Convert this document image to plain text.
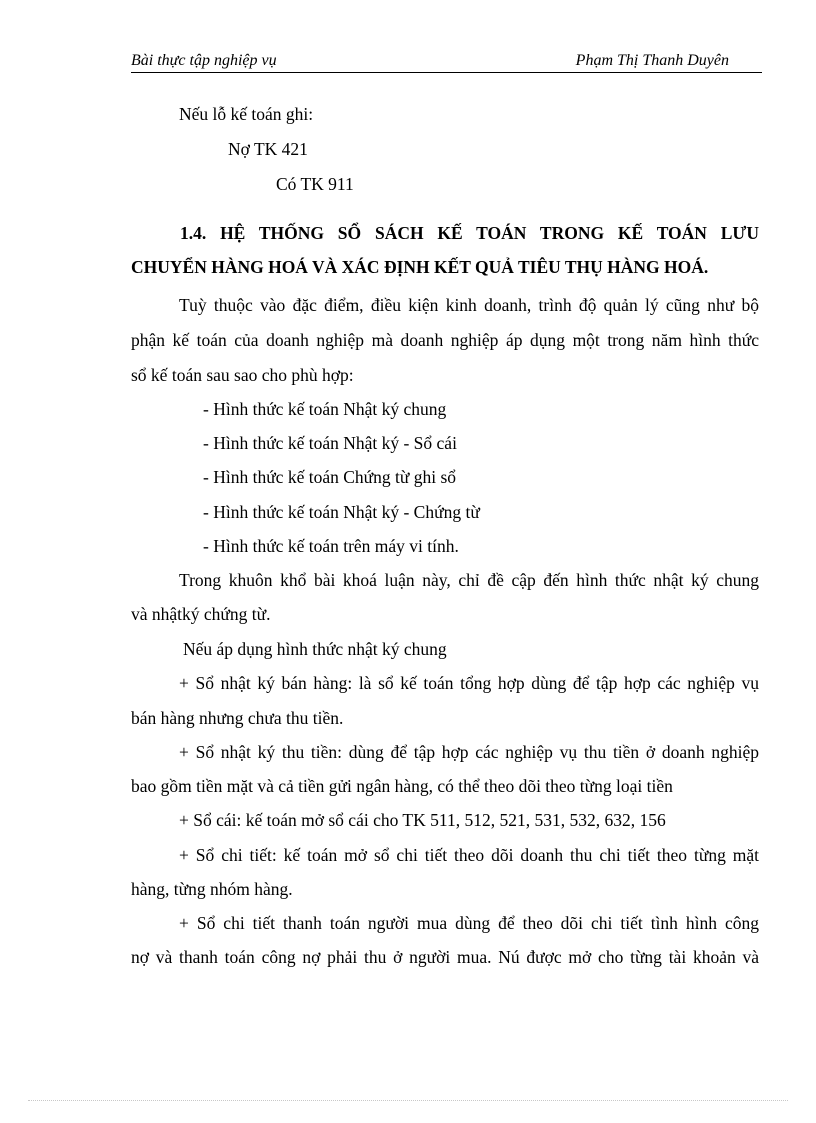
Bài thực tập nghiệp vụ	Phạm Thị Thanh Duyên
Nếu lỗ kế toán ghi:
Nợ TK 421
Có TK 911
1.4. HỆ THỐNG SỔ SÁCH KẾ TOÁN TRONG KẾ TOÁN LƯU
CHUYỂN HÀNG HOÁ VÀ XÁC ĐỊNH KẾT QUẢ TIÊU THỤ HÀNG HOÁ.
Tuỳ thuộc vào đặc điểm, điều kiện kinh doanh, trình độ quản lý cũng như bộ
phận kế toán của doanh nghiệp mà doanh nghiệp áp dụng một trong năm hình thức
sổ kế toán sau sao cho phù hợp:
- Hình thức kế toán Nhật ký chung
- Hình thức kế toán Nhật ký - Sổ cái
- Hình thức kế toán Chứng từ ghi sổ
- Hình thức kế toán Nhật ký - Chứng từ
- Hình thức kế toán trên máy vi tính.
Trong khuôn khổ bài khoá luận này, chỉ đề cập đến hình thức nhật ký chung
và nhậtký chứng từ.
Nếu áp dụng hình thức nhật ký chung
+ Sổ nhật ký bán hàng: là sổ kế toán tổng hợp dùng để tập hợp các nghiệp vụ
bán hàng nhưng chưa thu tiền.
+ Sổ nhật ký thu tiền: dùng để tập hợp các nghiệp vụ thu tiền ở doanh nghiệp
bao gồm tiền mặt và cả tiền gửi ngân hàng, có thể theo dõi theo từng loại tiền
+ Sổ cái: kế toán mở sổ cái cho TK 511, 512, 521, 531, 532, 632, 156
+ Sổ chi tiết: kế toán mở sổ chi tiết theo dõi doanh thu chi tiết theo từng mặt
hàng, từng nhóm hàng.
+ Sổ chi tiết thanh toán người mua dùng để theo dõi chi tiết tình hình công
nợ và thanh toán công nợ phải thu ở người mua. Nú được mở cho từng tài khoản và
